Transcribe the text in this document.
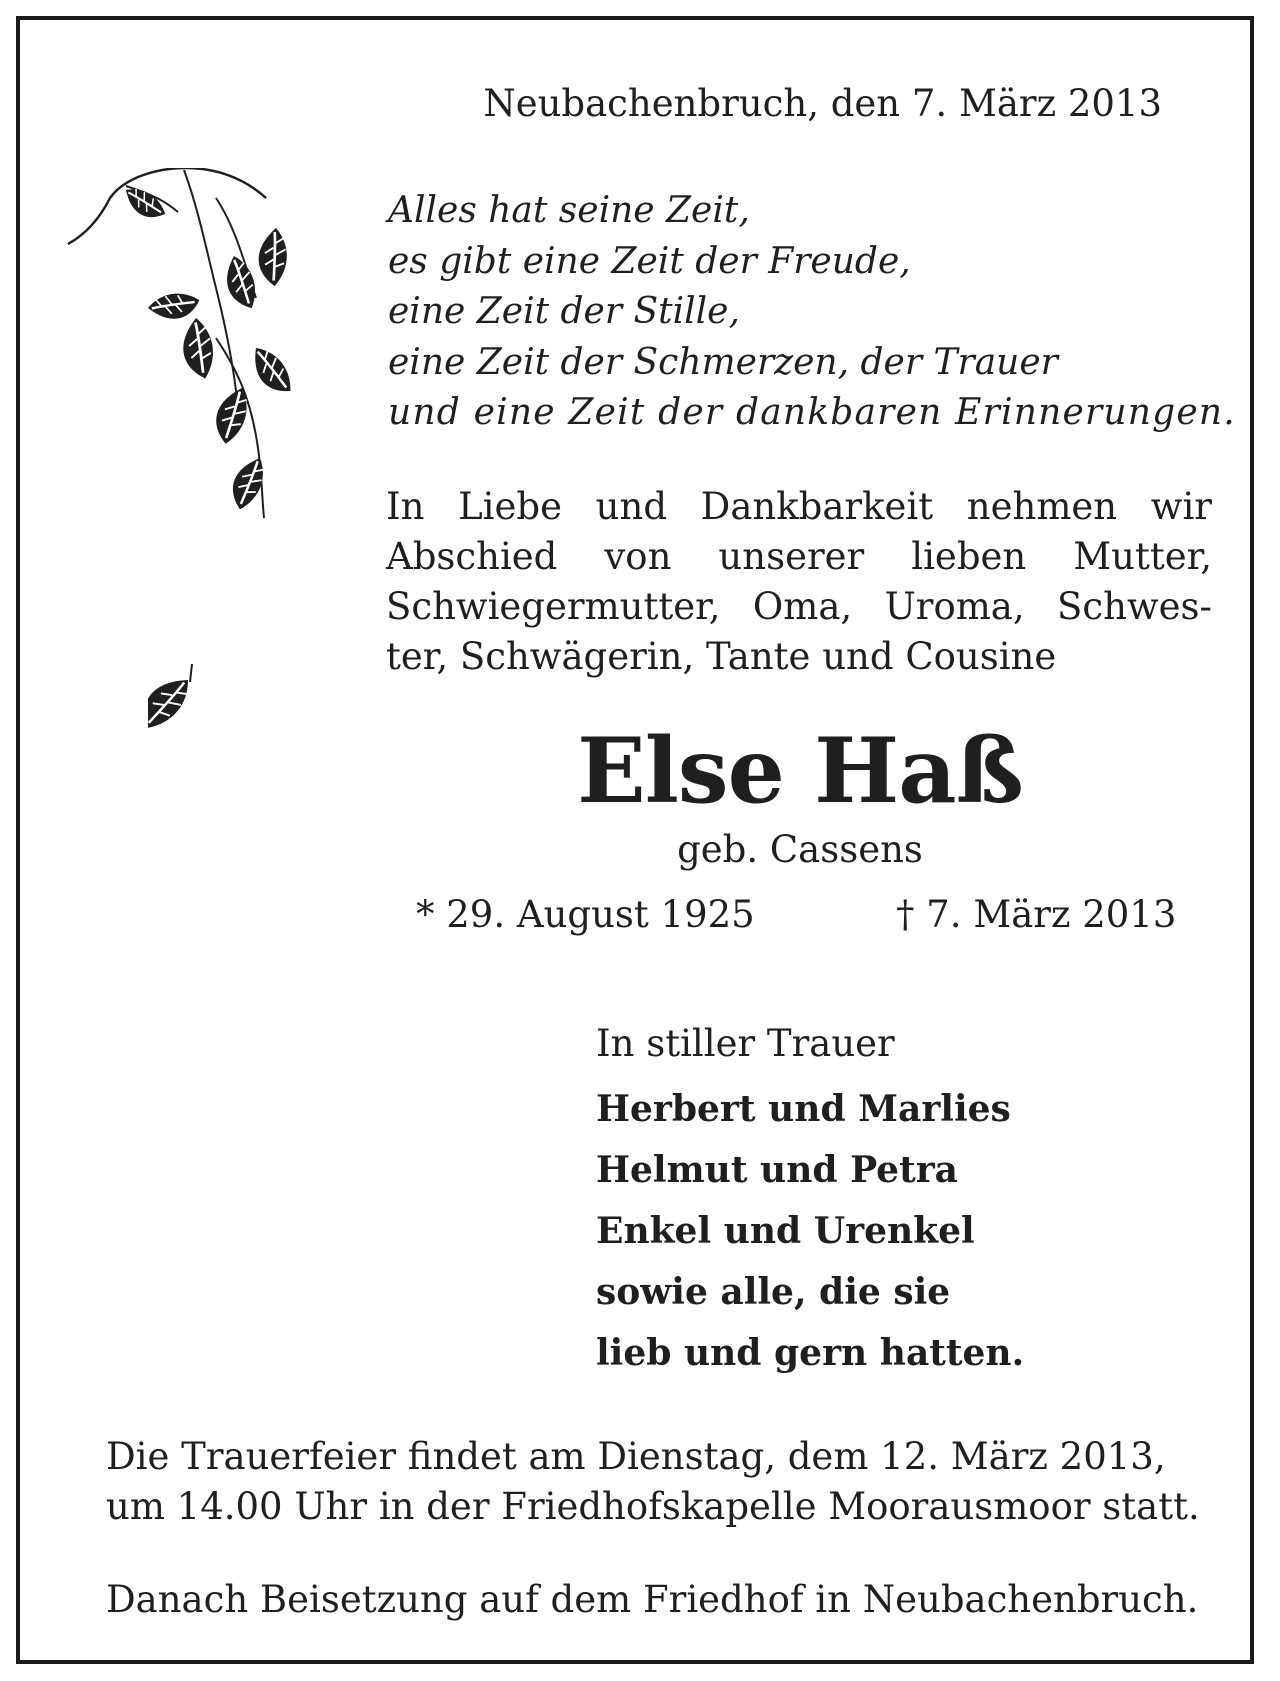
Neubachenbruch, den 7. März 2013

Alles hat seine Zeit,
es gibt eine Zeit der Freude,
eine Zeit der Stille,
eine Zeit der Schmerzen, der Trauer
und eine Zeit der dankbaren Erinnerungen.
In Liebe und Dankbarkeit nehmen wir
Abschied von unserer lieben Mutter,
Schwiegermutter, Oma, Uroma, Schwes-
ter, Schwägerin, Tante und Cousine

Else Haß

geb. Cassens

* 29. August 1925	† 7. März 2013

In stiller Trauer

Herbert und Marlies

Helmut und Petra

Enkel und Urenkel

sowie alle, die sie

lieb und gern hatten.

Die Trauerfeier findet am Dienstag, dem 12. März 2013,
um 14.00 Uhr in der Friedhofskapelle Moorausmoor statt.

Danach Beisetzung auf dem Friedhof in Neubachenbruch.
